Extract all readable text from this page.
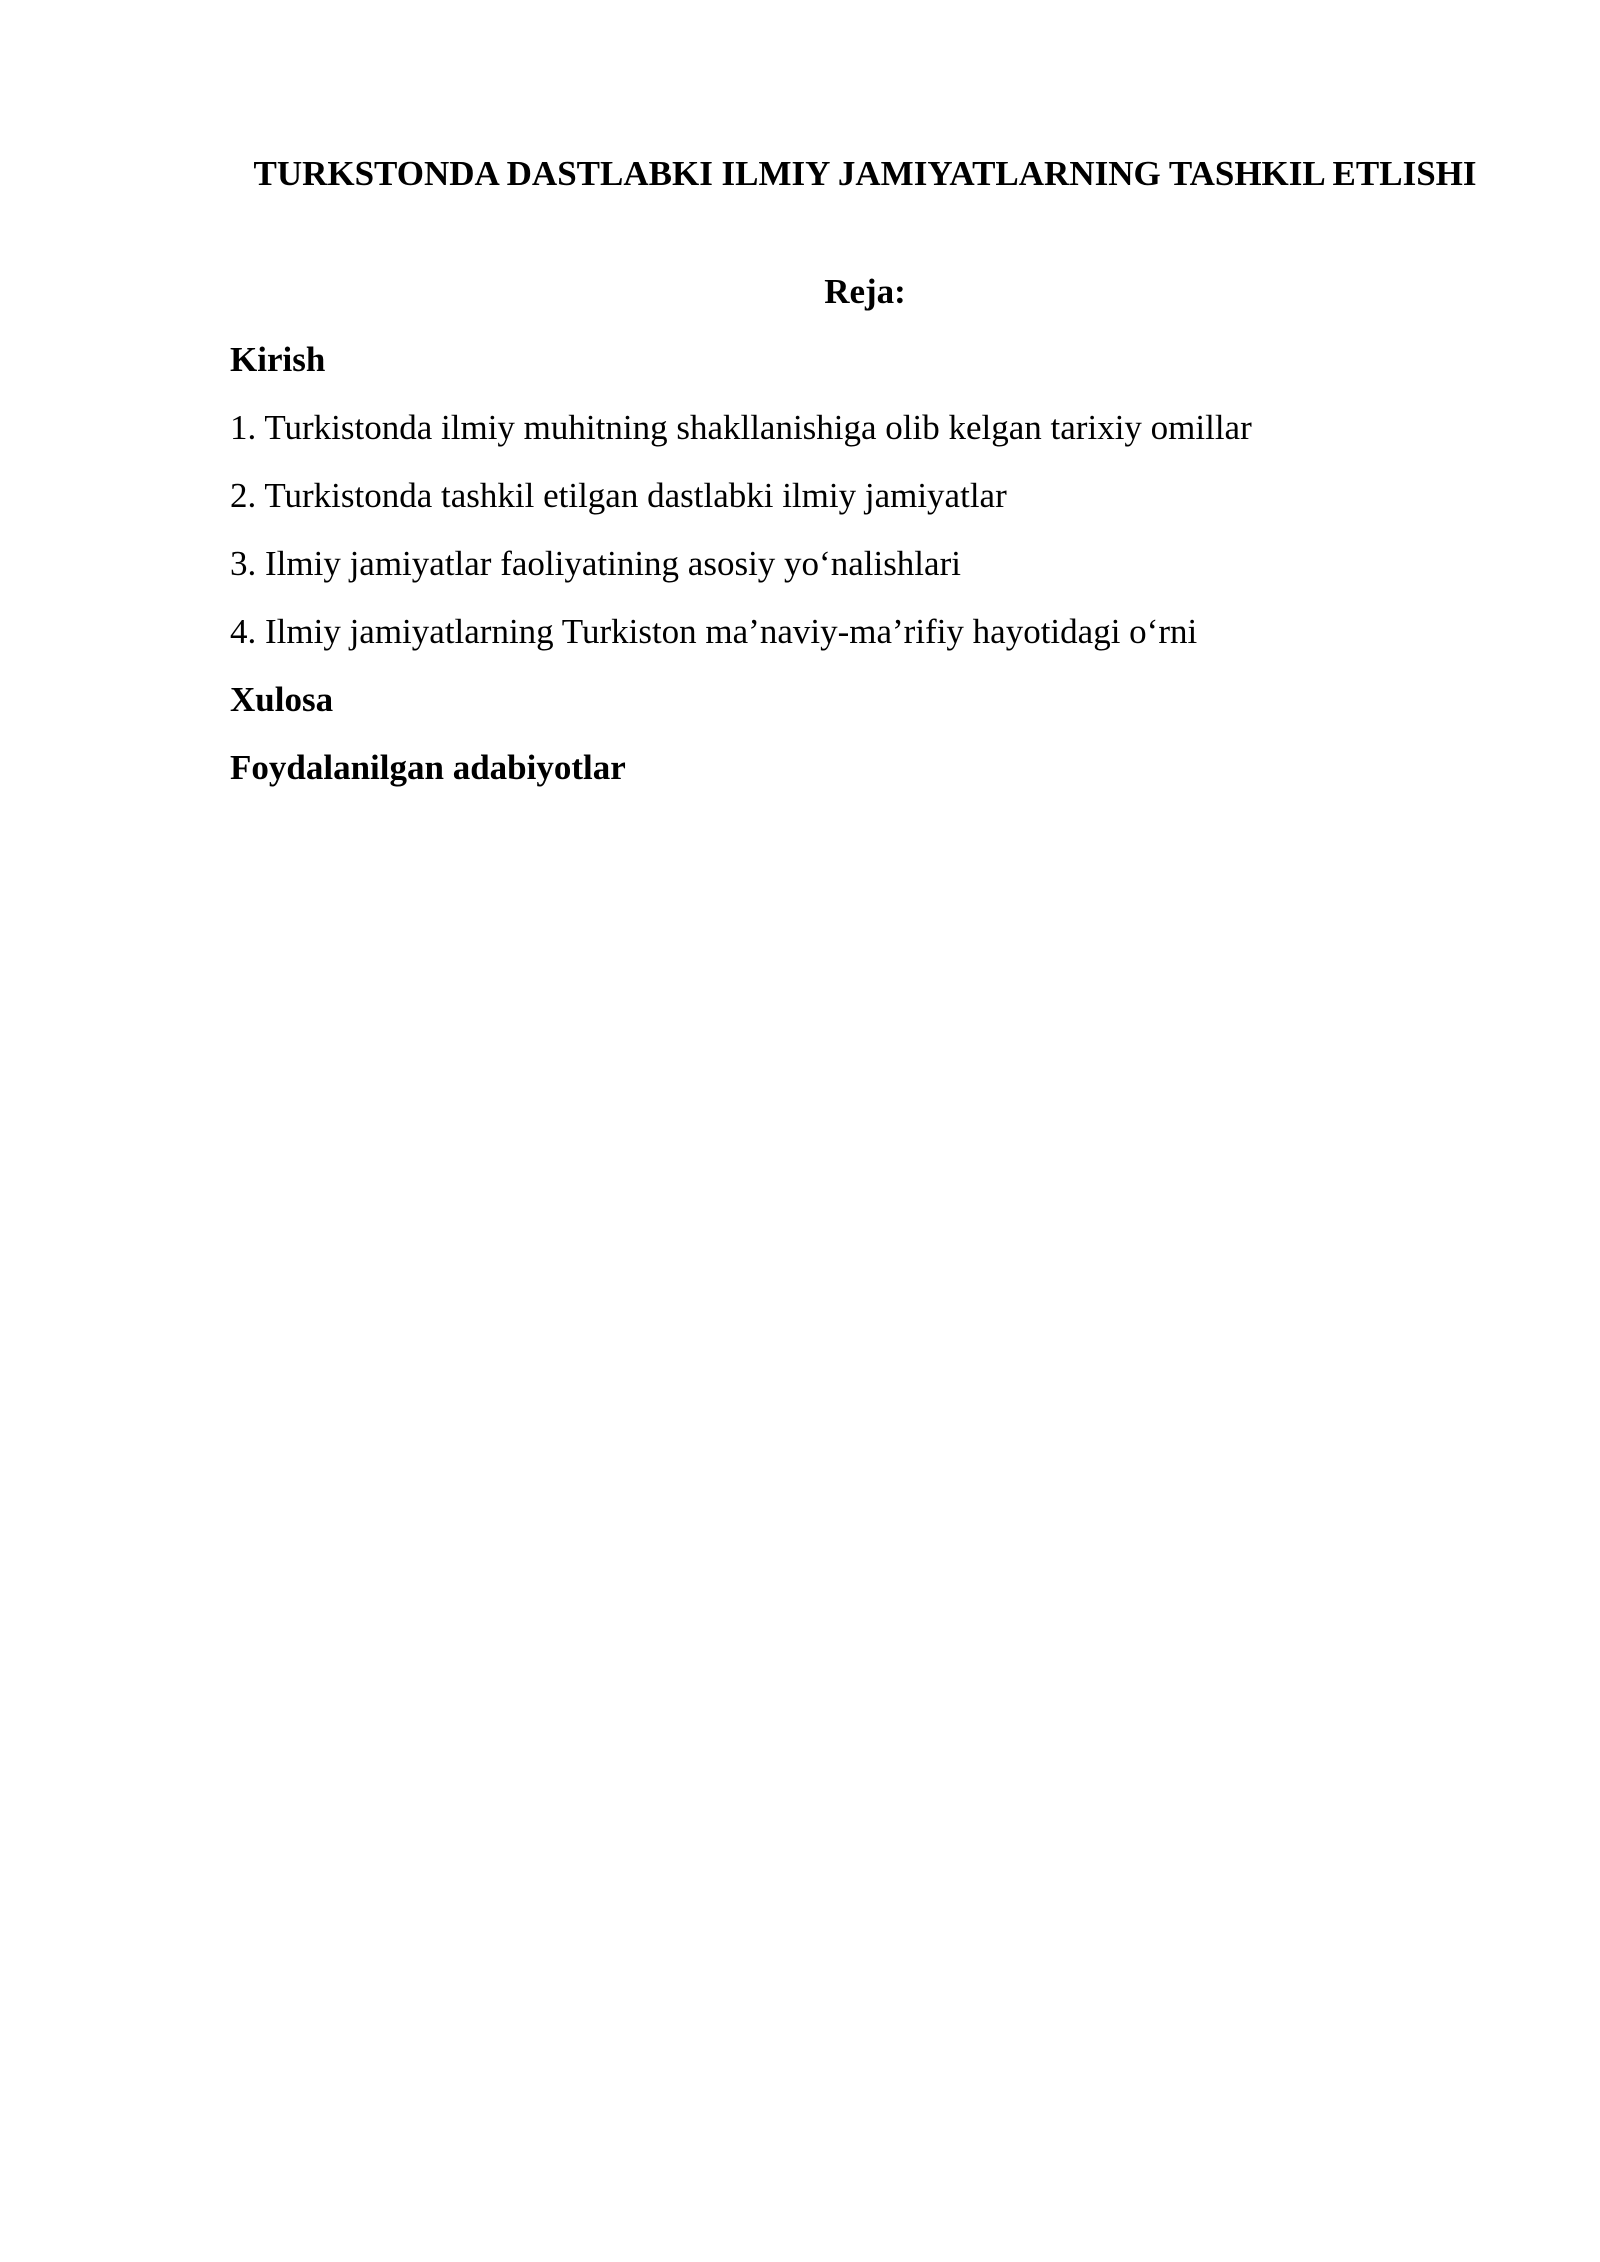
TURKSTONDA DASTLABKI ILMIY JAMIYATLARNING TASHKIL ETLISHI
Reja:
Kirish
1. Turkistonda ilmiy muhitning shakllanishiga olib kelgan tarixiy omillar
2. Turkistonda tashkil etilgan dastlabki ilmiy jamiyatlar
3. Ilmiy jamiyatlar faoliyatining asosiy yo‘nalishlari
4. Ilmiy jamiyatlarning Turkiston ma’naviy-ma’rifiy hayotidagi o‘rni
Xulosa
Foydalanilgan adabiyotlar
